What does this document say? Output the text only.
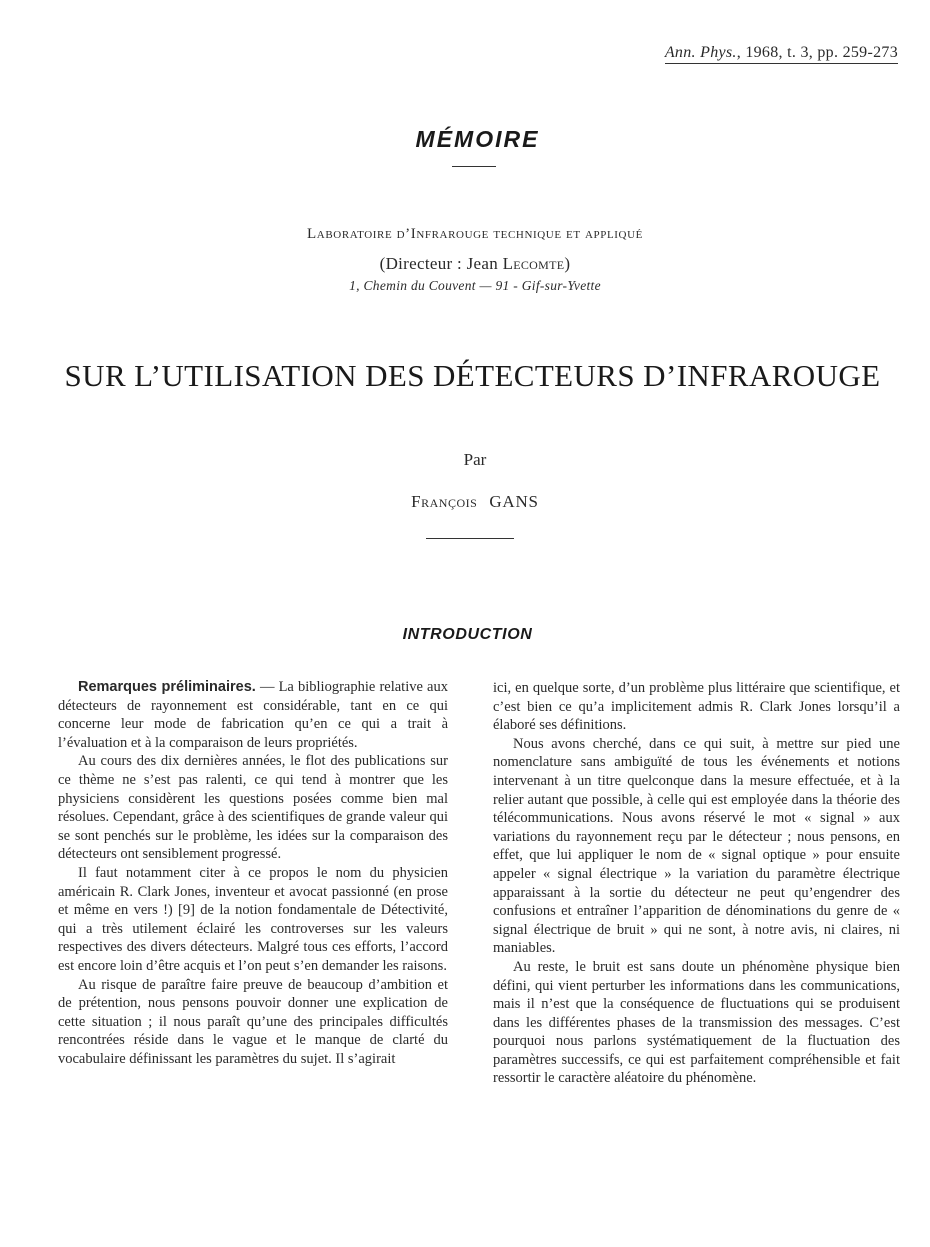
Ann. Phys., 1968, t. 3, pp. 259-273
MÉMOIRE
Laboratoire d’Infrarouge technique et appliqué
(Directeur : Jean Lecomte)
1, Chemin du Couvent — 91 - Gif-sur-Yvette
SUR L’UTILISATION DES DÉTECTEURS D’INFRAROUGE
Par
François GANS
INTRODUCTION

Remarques préliminaires. — La bibliographie relative aux détecteurs de rayonnement est considérable, tant en ce qui concerne leur mode de fabrication qu’en ce qui a trait à l’évaluation et à la comparaison de leurs propriétés.

Au cours des dix dernières années, le flot des publications sur ce thème ne s’est pas ralenti, ce qui tend à montrer que les physiciens considèrent les questions posées comme bien mal résolues. Cependant, grâce à des scientifiques de grande valeur qui se sont penchés sur le problème, les idées sur la comparaison des détecteurs ont sensiblement progressé.

Il faut notamment citer à ce propos le nom du physicien américain R. Clark Jones, inventeur et avocat passionné (en prose et même en vers !) [9] de la notion fondamentale de Détectivité, qui a très utilement éclairé les controverses sur les valeurs respectives des divers détecteurs. Malgré tous ces efforts, l’accord est encore loin d’être acquis et l’on peut s’en demander les raisons.

Au risque de paraître faire preuve de beaucoup d’ambition et de prétention, nous pensons pouvoir donner une explication de cette situation ; il nous paraît qu’une des principales difficultés rencontrées réside dans le vague et le manque de clarté du vocabulaire définissant les paramètres du sujet. Il s’agirait

ici, en quelque sorte, d’un problème plus littéraire que scientifique, et c’est bien ce qu’a implicitement admis R. Clark Jones lorsqu’il a élaboré ses définitions.

Nous avons cherché, dans ce qui suit, à mettre sur pied une nomenclature sans ambiguïté de tous les événements et notions intervenant à un titre quelconque dans la mesure effectuée, et à la relier autant que possible, à celle qui est employée dans la théorie des télécommunications. Nous avons réservé le mot « signal » aux variations du rayonnement reçu par le détecteur ; nous pensons, en effet, que lui appliquer le nom de « signal optique » pour ensuite appeler « signal électrique » la variation du paramètre électrique apparaissant à la sortie du détecteur ne peut qu’engendrer des confusions et entraîner l’apparition de dénominations du genre de « signal électrique de bruit » qui ne sont, à notre avis, ni claires, ni maniables.

Au reste, le bruit est sans doute un phénomène physique bien défini, qui vient perturber les informations dans les communications, mais il n’est que la conséquence de fluctuations qui se produisent dans les différentes phases de la transmission des messages. C’est pourquoi nous parlons systématiquement de la fluctuation des paramètres successifs, ce qui est parfaitement compréhensible et fait ressortir le caractère aléatoire du phénomène.
